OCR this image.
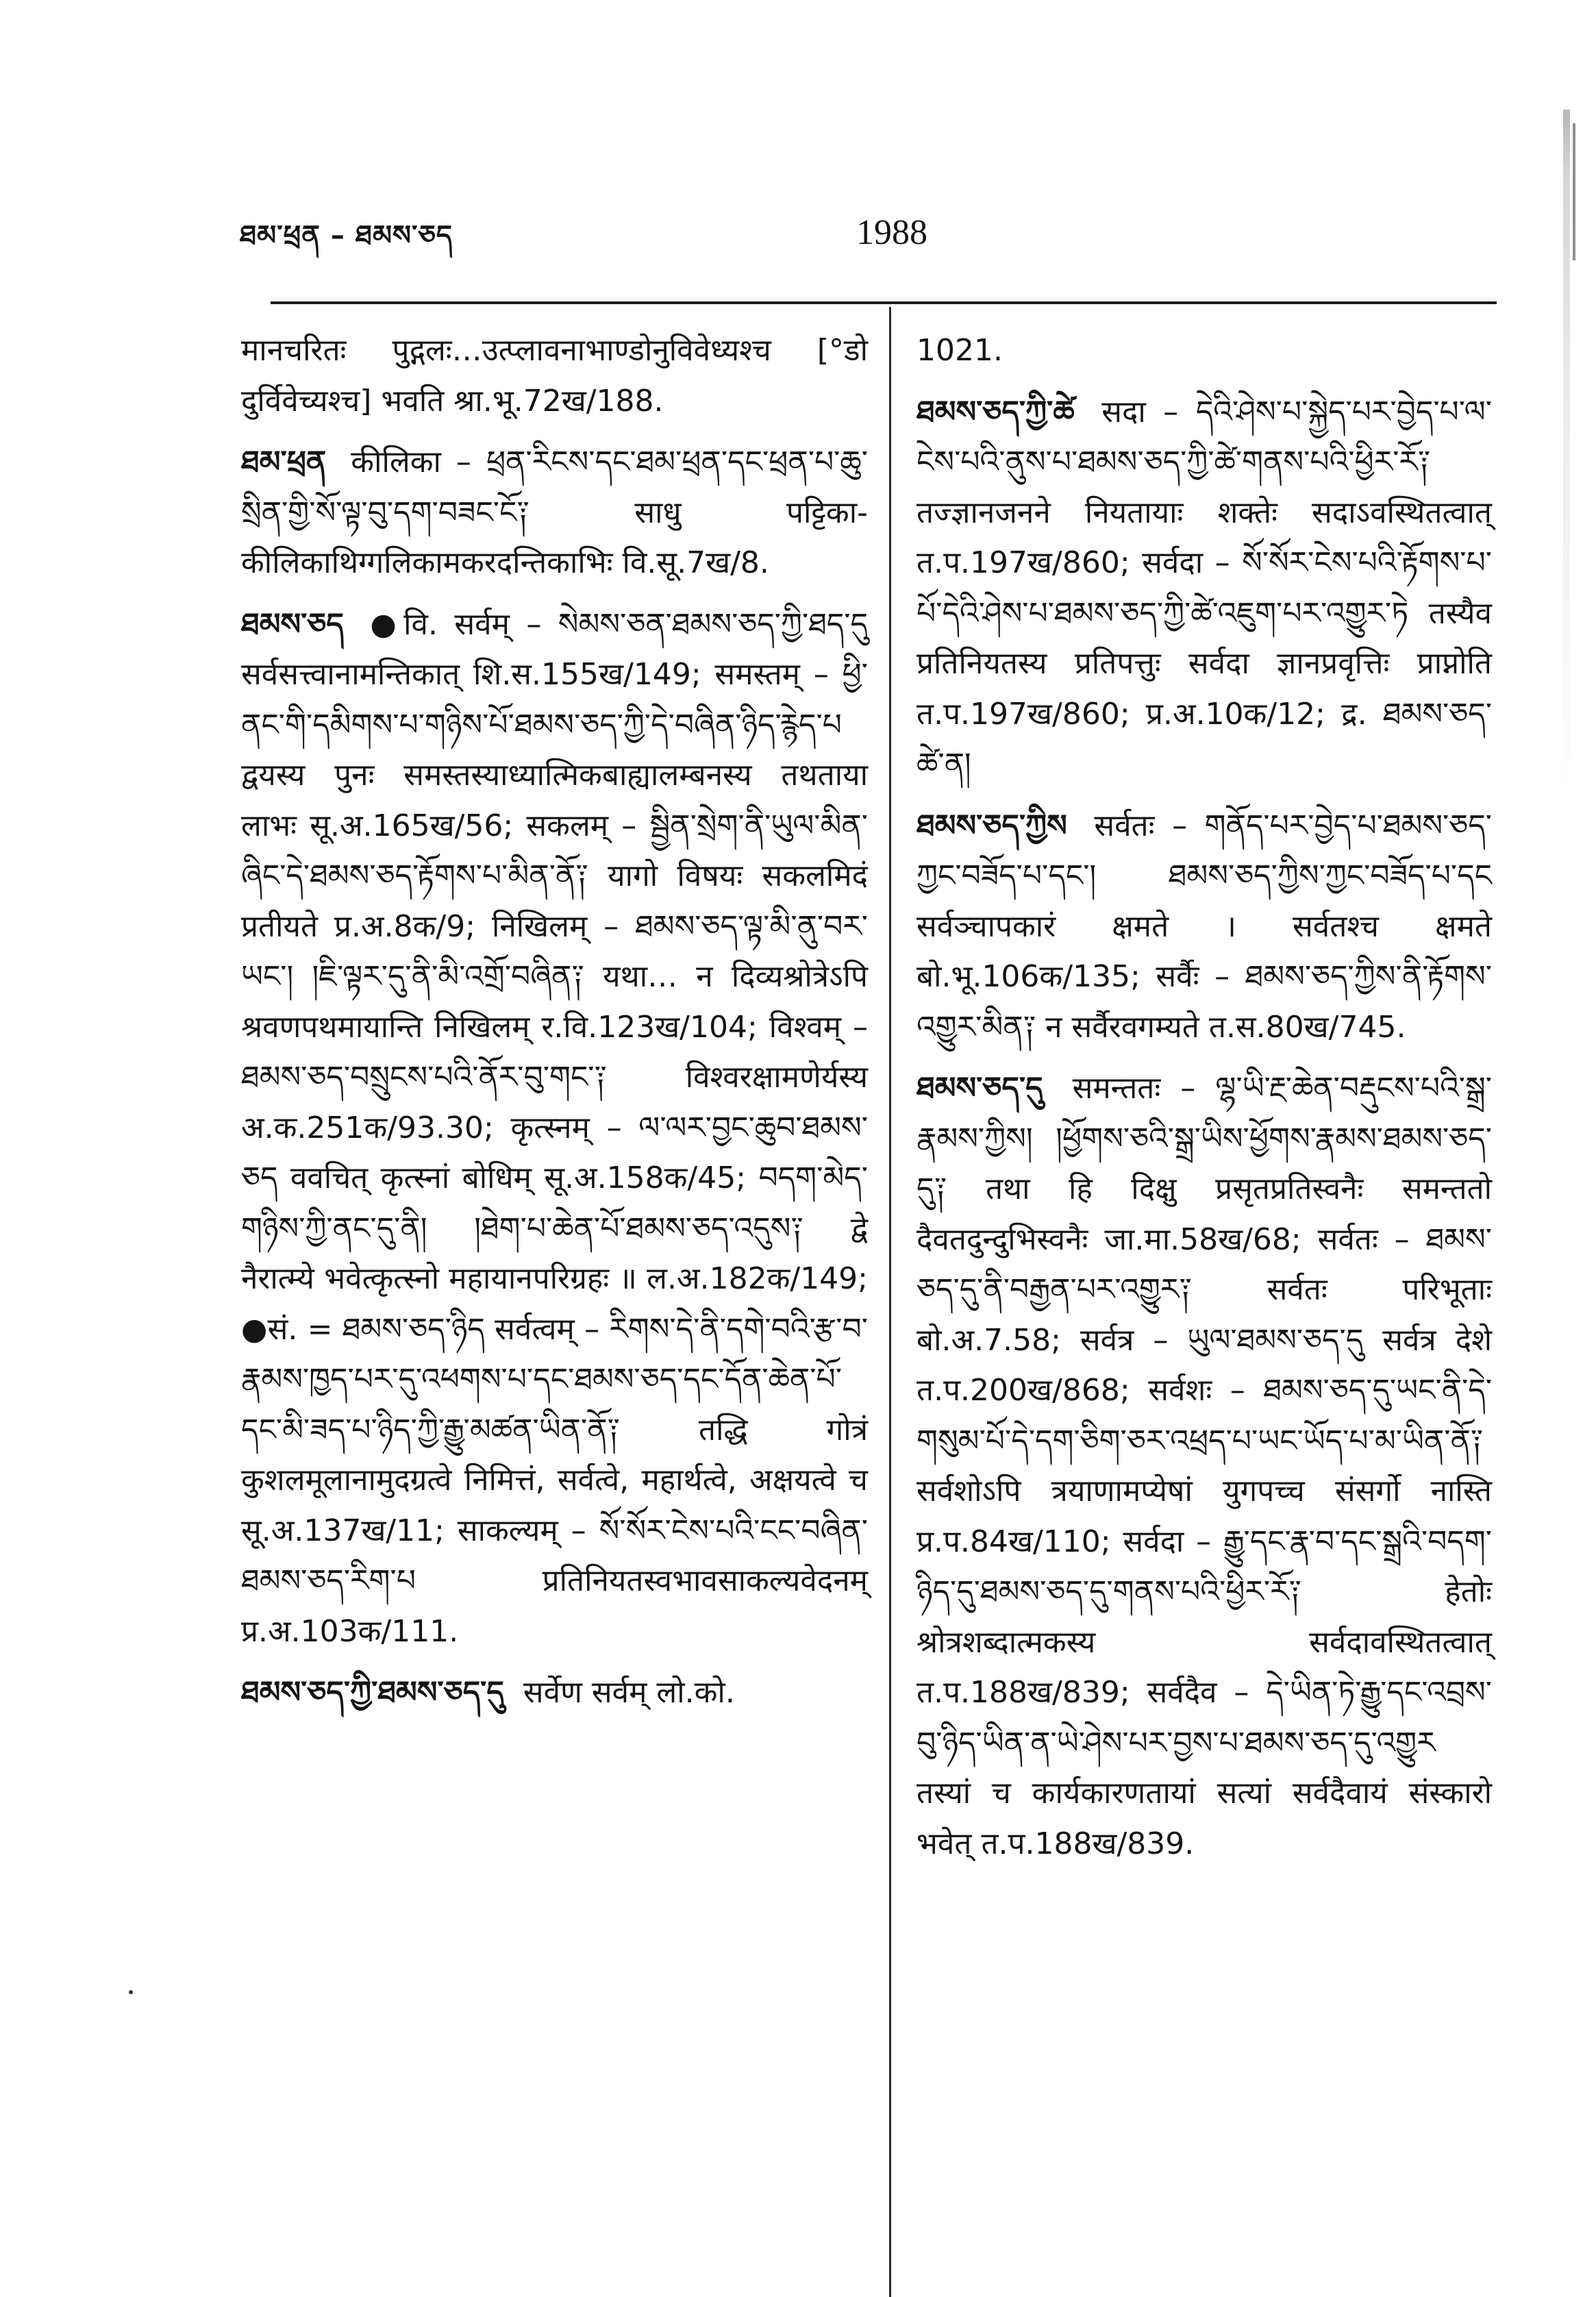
ཐམ་ཕྲན – ཐམས་ཅད	1988
मानचरितः पुद्गलः…उत्प्लावनाभाण्डोनुविवेध्यश्च [°डो दुर्विवेच्यश्च] भवति श्रा.भू.72ख/188.
ཐམ་ཕྲན कीलिका – ཕྲན་རིངས་དང་ཐམ་ཕྲན་དང་ཕྲན་པ་ཆུ་སྲིན་གྱི་སོ་ལྟ་བུ་དག་བཟང་ངོ༑ साधु पट्टिका-कीलिकाथिग्गलिकामकरदन्तिकाभिः वि.सू.7ख/8.
ཐམས་ཅད ●वि. सर्वम् – སེམས་ཅན་ཐམས་ཅད་ཀྱི་ཐད་དུ सर्वसत्त्वानामन्तिकात् शि.स.155ख/149; समस्तम् – ཕྱི་ནང་གི་དམིགས་པ་གཉིས་པོ་ཐམས་ཅད་ཀྱི་དེ་བཞིན་ཉིད་རྙེད་པ द्वयस्य पुनः समस्तस्याध्यात्मिकबाह्यालम्बनस्य तथताया लाभः सू.अ.165ख/56; सकलम् – སྦྱིན་སྲེག་ནི་ཡུལ་མིན་ཞིང་དེ་ཐམས་ཅད་རྟོགས་པ་མིན་ནོ༑ यागो विषयः सकलमिदं प्रतीयते प्र.अ.8क/9; निखिलम् – ཐམས་ཅད་ལྟ་མི་ནུ་བར་ཡང་། །ཇི་ལྟར་དུ་ནི་མི་འགྲོ་བཞིན༑ यथा… न दिव्यश्रोत्रेऽपि श्रवणपथमायान्ति निखिलम् र.वि.123ख/104; विश्वम् – ཐམས་ཅད་བསྲུངས་པའི་ནོར་བུ་གང་༑ विश्वरक्षामणेर्यस्य अ.क.251क/93.30; कृत्स्नम् – ལ་ལར་བྱང་ཆུབ་ཐམས་ཅད ववचित् कृत्स्नां बोधिम् सू.अ.158क/45; བདག་མེད་གཉིས་ཀྱི་ནང་དུ་ནི། །ཐེག་པ་ཆེན་པོ་ཐམས་ཅད་འདུས༑ द्वे नैरात्म्ये भवेत्कृत्स्नो महायानपरिग्रहः ॥ ल.अ.182क/149; ●सं. = ཐམས་ཅད་ཉིད सर्वत्वम् – རིགས་དེ་ནི་དགེ་བའི་རྩ་བ་རྣམས་ཁྱད་པར་དུ་འཕགས་པ་དང་ཐམས་ཅད་དང་དོན་ཆེན་པོ་དང་མི་ཟད་པ་ཉིད་ཀྱི་རྒྱུ་མཚན་ཡིན་ནོ༑ तद्धि गोत्रं कुशलमूलानामुदग्रत्वे निमित्तं, सर्वत्वे, महार्थत्वे, अक्षयत्वे च सू.अ.137ख/11; साकल्यम् – སོ་སོར་ངེས་པའི་ངང་བཞིན་ཐམས་ཅད་རིག་པ प्रतिनियतस्वभावसाकल्यवेदनम् प्र.अ.103क/111.
ཐམས་ཅད་ཀྱི་ཐམས་ཅད་དུ सर्वेण सर्वम् लो.को.
1021.
ཐམས་ཅད་ཀྱི་ཚེ सदा – དེའི་ཤེས་པ་སྐྱེད་པར་བྱེད་པ་ལ་ངེས་པའི་ནུས་པ་ཐམས་ཅད་ཀྱི་ཚེ་གནས་པའི་ཕྱིར་རོ༑ तज्ज्ञानजनने नियतायाः शक्तेः सदाऽवस्थितत्वात् त.प.197ख/860; सर्वदा – སོ་སོར་ངེས་པའི་རྟོགས་པ་པོ་དེའི་ཤེས་པ་ཐམས་ཅད་ཀྱི་ཚེ་འཇུག་པར་འགྱུར་ཏེ तस्यैव प्रतिनियतस्य प्रतिपत्तुः सर्वदा ज्ञानप्रवृत्तिः प्राप्नोति त.प.197ख/860; प्र.अ.10क/12; द्र. ཐམས་ཅད་ཚེ་ན།
ཐམས་ཅད་ཀྱིས सर्वतः – གནོད་པར་བྱེད་པ་ཐམས་ཅད་ཀྱང་བཟོད་པ་དང་། ཐམས་ཅད་ཀྱིས་ཀྱང་བཟོད་པ་དང सर्वञ्चापकारं क्षमते । सर्वतश्च क्षमते बो.भू.106क/135; सर्वैः – ཐམས་ཅད་ཀྱིས་ནི་རྟོགས་འགྱུར་མིན༑ न सर्वैरवगम्यते त.स.80ख/745.
ཐམས་ཅད་དུ समन्ततः – ལྷ་ཡི་རྔ་ཆེན་བརྡུངས་པའི་སྒྲ་རྣམས་ཀྱིས། །ཕྱོགས་ཅའི་སྒྲ་ཡིས་ཕྱོགས་རྣམས་ཐམས་ཅད་དུ༑ तथा हि दिक्षु प्रसृतप्रतिस्वनैः समन्ततो दैवतदुन्दुभिस्वनैः जा.मा.58ख/68; सर्वतः – ཐམས་ཅད་དུ་ནི་བརྒྱན་པར་འགྱུར༑ सर्वतः परिभूताः बो.अ.7.58; सर्वत्र – ཡུལ་ཐམས་ཅད་དུ सर्वत्र देशे त.प.200ख/868; सर्वशः – ཐམས་ཅད་དུ་ཡང་ནི་དེ་གསུམ་པོ་དེ་དག་ཅིག་ཅར་འཕྲད་པ་ཡང་ཡོད་པ་མ་ཡིན་ནོ༑ सर्वशोऽपि त्रयाणामप्येषां युगपच्च संसर्गो नास्ति प्र.प.84ख/110; सर्वदा – རྒྱུ་དང་རྣ་བ་དང་སྒྲའི་བདག་ཉིད་དུ་ཐམས་ཅད་དུ་གནས་པའི་ཕྱིར་རོ༑ हेतोः श्रोत्रशब्दात्मकस्य सर्वदावस्थितत्वात् त.प.188ख/839; सर्वदैव – དེ་ཡིན་ཏེ་རྒྱུ་དང་འབྲས་བུ་ཉིད་ཡིན་ན་ཡེ་ཤེས་པར་བྱས་པ་ཐམས་ཅད་དུ་འགྱུར तस्यां च कार्यकारणतायां सत्यां सर्वदैवायं संस्कारो भवेत् त.प.188ख/839.
